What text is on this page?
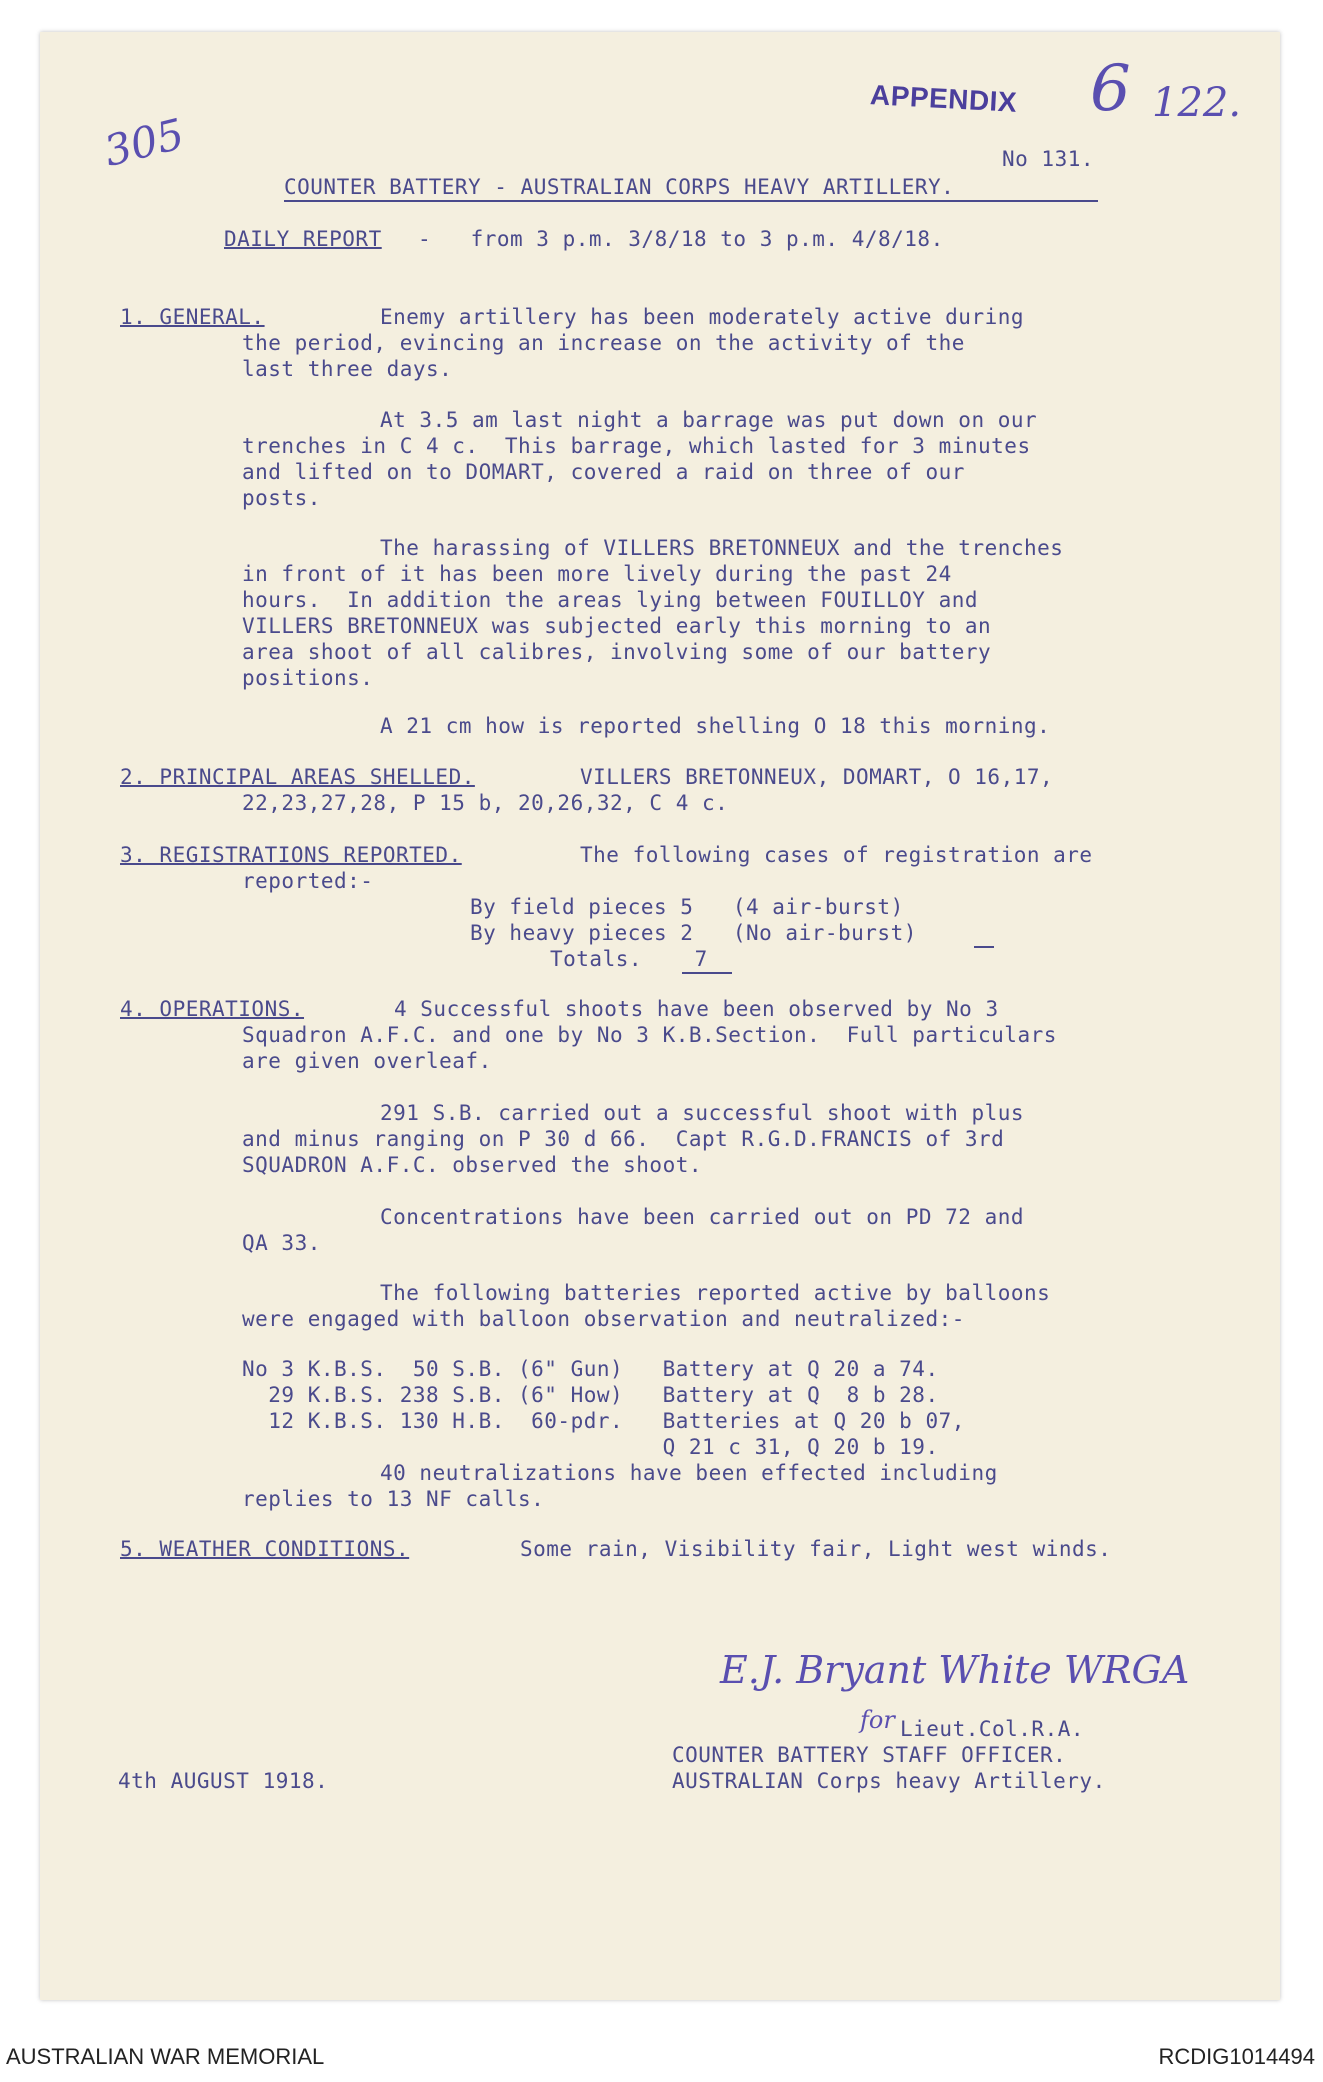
305
APPENDIX 6 122.
No 131.
COUNTER BATTERY - AUSTRALIAN CORPS HEAVY ARTILLERY.
DAILY REPORT -   from 3 p.m. 3/8/18 to 3 p.m. 4/8/18.
1. GENERAL.	Enemy artillery has been moderately active during
the period, evincing an increase on the activity of the
last three days.
At 3.5 am last night a barrage was put down on our
trenches in C 4 c.  This barrage, which lasted for 3 minutes
and lifted on to DOMART, covered a raid on three of our
posts.
The harassing of VILLERS BRETONNEUX and the trenches
in front of it has been more lively during the past 24
hours.  In addition the areas lying between FOUILLOY and
VILLERS BRETONNEUX was subjected early this morning to an
area shoot of all calibres, involving some of our battery
positions.
A 21 cm how is reported shelling O 18 this morning.
2. PRINCIPAL AREAS SHELLED.	VILLERS BRETONNEUX, DOMART, O 16,17,
22,23,27,28, P 15 b, 20,26,32, C 4 c.
3. REGISTRATIONS REPORTED.	The following cases of registration are
reported:-
By field pieces 5   (4 air-burst)
By heavy pieces 2   (No air-burst)
Totals.    7
4. OPERATIONS.	4 Successful shoots have been observed by No 3
Squadron A.F.C. and one by No 3 K.B.Section.  Full particulars
are given overleaf.
291 S.B. carried out a successful shoot with plus
and minus ranging on P 30 d 66.  Capt R.G.D.FRANCIS of 3rd
SQUADRON A.F.C. observed the shoot.
Concentrations have been carried out on PD 72 and
QA 33.
The following batteries reported active by balloons
were engaged with balloon observation and neutralized:-
No 3 K.B.S.  50 S.B. (6" Gun)   Battery at Q 20 a 74.
29 K.B.S. 238 S.B. (6" How)   Battery at Q  8 b 28.
12 K.B.S. 130 H.B.  60-pdr.   Batteries at Q 20 b 07,
Q 21 c 31, Q 20 b 19.
40 neutralizations have been effected including
replies to 13 NF calls.
5. WEATHER CONDITIONS.	Some rain, Visibility fair, Light west winds.
E.J. Bryant White WRGA
for Lieut.Col.R.A.
COUNTER BATTERY STAFF OFFICER.
AUSTRALIAN Corps heavy Artillery.
4th AUGUST 1918.
AUSTRALIAN WAR MEMORIAL	RCDIG1014494
